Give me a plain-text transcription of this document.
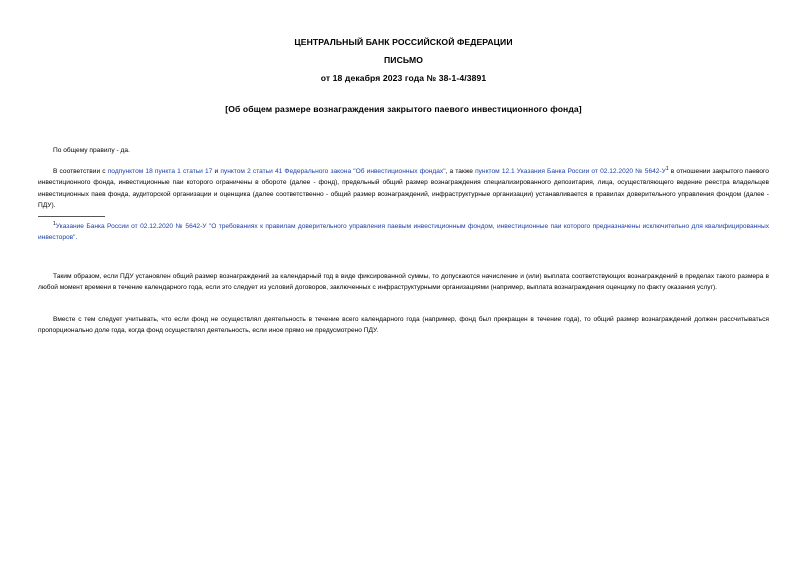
ЦЕНТРАЛЬНЫЙ БАНК РОССИЙСКОЙ ФЕДЕРАЦИИ
ПИСЬМО
от 18 декабря 2023 года № 38-1-4/3891
[Об общем размере вознаграждения закрытого паевого инвестиционного фонда]
По общему правилу - да.
В соответствии с подпунктом 18 пункта 1 статьи 17 и пунктом 2 статьи 41 Федерального закона "Об инвестиционных фондах", а также пунктом 12.1 Указания Банка России от 02.12.2020 № $5642-У^1$ в отношении закрытого паевого инвестиционного фонда, инвестиционные паи которого ограничены в обороте (далее - фонд), предельный общий размер вознаграждения специализированного депозитария, лица, осуществляющего ведение реестра владельцев инвестиционных паев фонда, аудиторской организации и оценщика (далее соответственно - общий размер вознаграждений, инфраструктурные организации) устанавливается в правилах доверительного управления фондом (далее - ПДУ).
$^1$Указание Банка России от 02.12.2020 № 5642-У "О требованиях к правилам доверительного управления паевым инвестиционным фондом, инвестиционные паи которого предназначены исключительно для квалифицированных инвесторов".
Таким образом, если ПДУ установлен общий размер вознаграждений за календарный год в виде фиксированной суммы, то допускаются начисление и (или) выплата соответствующих вознаграждений в пределах такого размера в любой момент времени в течение календарного года, если это следует из условий договоров, заключенных с инфраструктурными организациями (например, выплата вознаграждения оценщику по факту оказания услуг).
Вместе с тем следует учитывать, что если фонд не осуществлял деятельность в течение всего календарного года (например, фонд был прекращен в течение года), то общий размер вознаграждений должен рассчитываться пропорционально доле года, когда фонд осуществлял деятельность, если иное прямо не предусмотрено ПДУ.
